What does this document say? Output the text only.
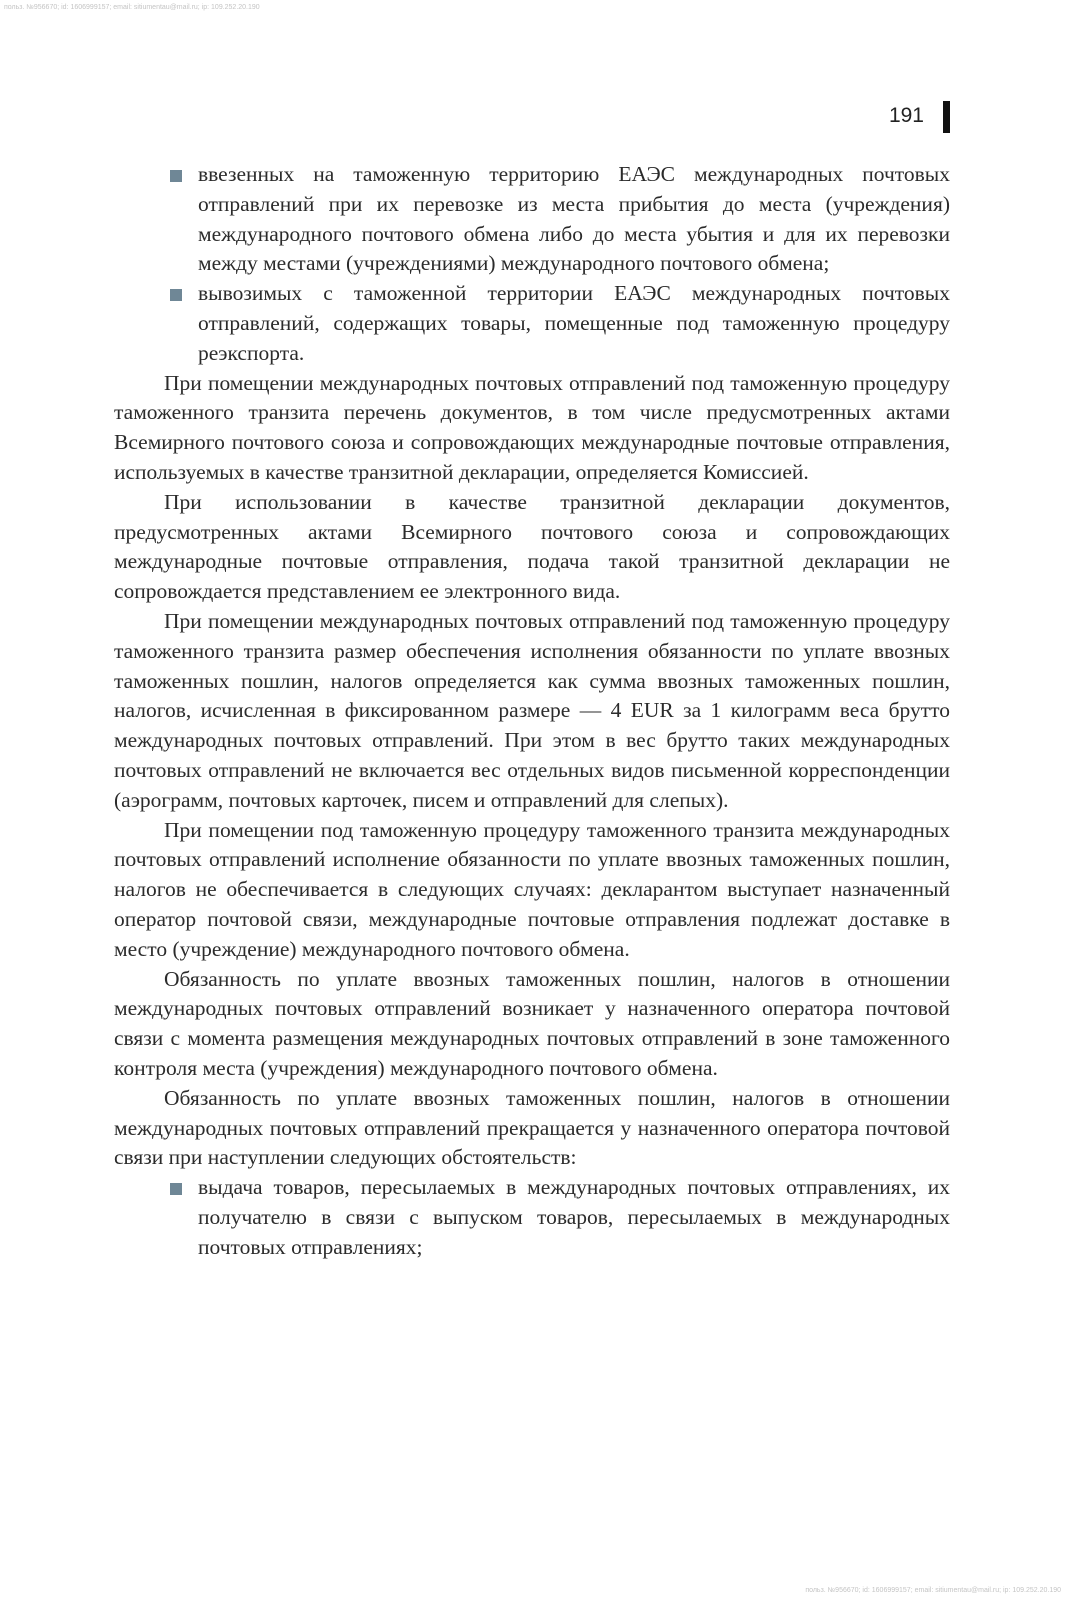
польз. №956670; id: 1606999157; email: sitiumentau@mail.ru; ip: 109.252.20.190
191
ввезенных на таможенную территорию ЕАЭС международных почтовых отправлений при их перевозке из места прибытия до места (учреждения) международного почтового обмена либо до места убытия и для их перевозки между местами (учреждениями) международного почтового обмена;
вывозимых с таможенной территории ЕАЭС международных почтовых отправлений, содержащих товары, помещенные под таможенную процедуру реэкспорта.

При помещении международных почтовых отправлений под таможенную процедуру таможенного транзита перечень документов, в том числе предусмотренных актами Всемирного почтового союза и сопровождающих международные почтовые отправления, используемых в качестве транзитной декларации, определяется Комиссией.

При использовании в качестве транзитной декларации документов, предусмотренных актами Всемирного почтового союза и сопровождающих международные почтовые отправления, подача такой транзитной декларации не сопровождается представлением ее электронного вида.

При помещении международных почтовых отправлений под таможенную процедуру таможенного транзита размер обеспечения исполнения обязанности по уплате ввозных таможенных пошлин, налогов определяется как сумма ввозных таможенных пошлин, налогов, исчисленная в фиксированном размере — 4 EUR за 1 килограмм веса брутто международных почтовых отправлений. При этом в вес брутто таких международных почтовых отправлений не включается вес отдельных видов письменной корреспонденции (аэрограмм, почтовых карточек, писем и отправлений для слепых).

При помещении под таможенную процедуру таможенного транзита международных почтовых отправлений исполнение обязанности по уплате ввозных таможенных пошлин, налогов не обеспечивается в следующих случаях: декларантом выступает назначенный оператор почтовой связи, международные почтовые отправления подлежат доставке в место (учреждение) международного почтового обмена.

Обязанность по уплате ввозных таможенных пошлин, налогов в отношении международных почтовых отправлений возникает у назначенного оператора почтовой связи с момента размещения международных почтовых отправлений в зоне таможенного контроля места (учреждения) международного почтового обмена.

Обязанность по уплате ввозных таможенных пошлин, налогов в отношении международных почтовых отправлений прекращается у назначенного оператора почтовой связи при наступлении следующих обстоятельств:

выдача товаров, пересылаемых в международных почтовых отправлениях, их получателю в связи с выпуском товаров, пересылаемых в международных почтовых отправлениях;
польз. №956670; id: 1606999157; email: sitiumentau@mail.ru; ip: 109.252.20.190
